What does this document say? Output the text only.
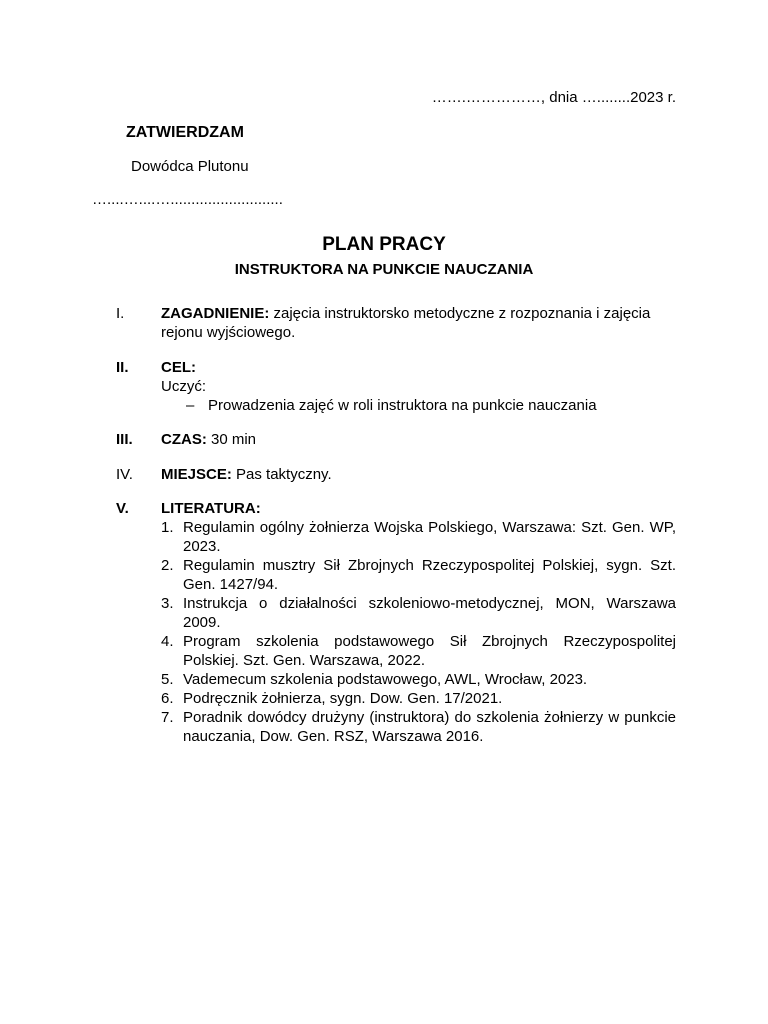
…….……………, dnia …........2023 r.
ZATWIERDZAM
Dowódca Plutonu
…....…....…...........................
PLAN PRACY
INSTRUKTORA NA PUNKCIE NAUCZANIA
I.	ZAGADNIENIE: zajęcia instruktorsko metodyczne z rozpoznania i zajęcia rejonu wyjściowego.
II.	CEL:
Uczyć:
– Prowadzenia zajęć w roli instruktora na punkcie nauczania
III.	CZAS: 30 min
IV.	MIEJSCE: Pas taktyczny.
V.	LITERATURA:
1. Regulamin ogólny żołnierza Wojska Polskiego, Warszawa: Szt. Gen. WP, 2023.
2. Regulamin musztry Sił Zbrojnych Rzeczypospolitej Polskiej, sygn. Szt. Gen. 1427/94.
3. Instrukcja o działalności szkoleniowo-metodycznej, MON, Warszawa 2009.
4. Program szkolenia podstawowego Sił Zbrojnych Rzeczypospolitej Polskiej. Szt. Gen. Warszawa, 2022.
5. Vademecum szkolenia podstawowego, AWL, Wrocław, 2023.
6. Podręcznik żołnierza, sygn. Dow. Gen. 17/2021.
7. Poradnik dowódcy drużyny (instruktora) do szkolenia żołnierzy w punkcie nauczania, Dow. Gen. RSZ, Warszawa 2016.
